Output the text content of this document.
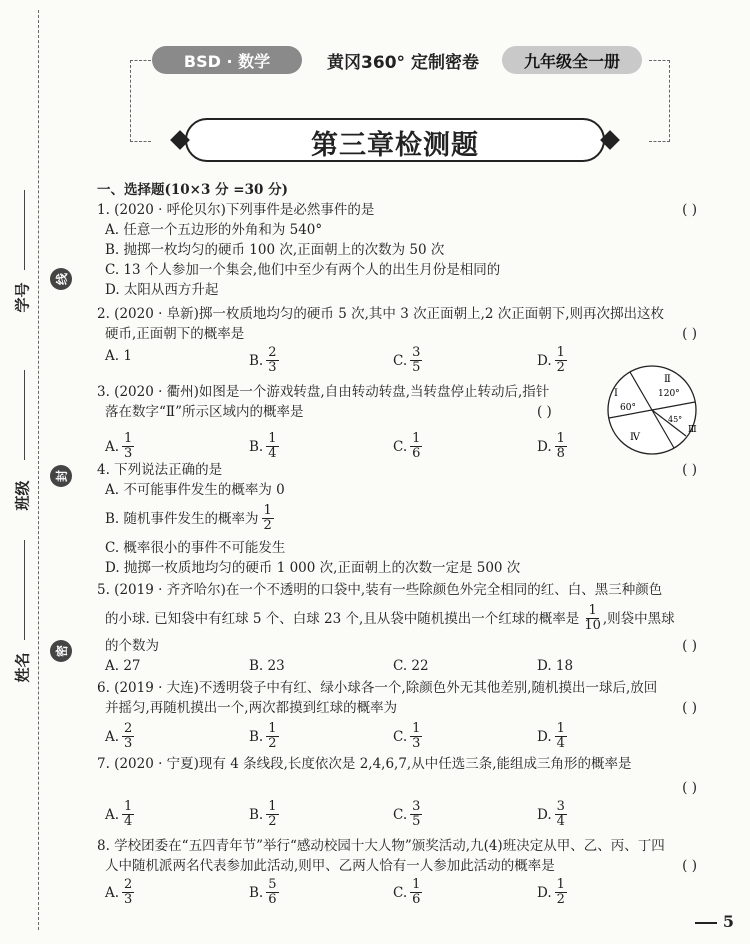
学号
线
班级
封
姓名
密
BSD · 数学	黄冈360° 定制密卷	九年级全一册
第三章检测题
一、选择题(10×3 分 =30 分)
1. (2020 · 呼伦贝尔)下列事件是必然事件的是	( )
A. 任意一个五边形的外角和为 540°
B. 抛掷一枚均匀的硬币 100 次,正面朝上的次数为 50 次
C. 13 个人参加一个集会,他们中至少有两个人的出生月份是相同的
D. 太阳从西方升起
2. (2020 · 阜新)掷一枚质地均匀的硬币 5 次,其中 3 次正面朝上,2 次正面朝下,则再次掷出这枚
硬币,正面朝下的概率是	( )
A. 1	B. $\frac{2}{3}$	C. $\frac{3}{5}$	D. $\frac{1}{2}$
3. (2020 · 衢州)如图是一个游戏转盘,自由转动转盘,当转盘停止转动后,指针
落在数字“Ⅱ”所示区域内的概率是	( )
A. $\frac{1}{3}$	B. $\frac{1}{4}$	C. $\frac{1}{6}$	D. $\frac{1}{8}$
Ⅰ
Ⅱ
Ⅲ
Ⅳ
60°
120°
45°
4. 下列说法正确的是	( )
A. 不可能事件发生的概率为 0
B. 随机事件发生的概率为 $\frac{1}{2}$
C. 概率很小的事件不可能发生
D. 抛掷一枚质地均匀的硬币 1 000 次,正面朝上的次数一定是 500 次
5. (2019 · 齐齐哈尔)在一个不透明的口袋中,装有一些除颜色外完全相同的红、白、黑三种颜色
的小球. 已知袋中有红球 5 个、白球 23 个,且从袋中随机摸出一个红球的概率是 $\frac{1}{10}$ ,则袋中黑球
的个数为	( )
A. 27	B. 23	C. 22	D. 18
6. (2019 · 大连)不透明袋子中有红、绿小球各一个,除颜色外无其他差别,随机摸出一球后,放回
并摇匀,再随机摸出一个,两次都摸到红球的概率为	( )
A. $\frac{2}{3}$	B. $\frac{1}{2}$	C. $\frac{1}{3}$	D. $\frac{1}{4}$
7. (2020 · 宁夏)现有 4 条线段,长度依次是 2,4,6,7,从中任选三条,能组成三角形的概率是
( )
A. $\frac{1}{4}$	B. $\frac{1}{2}$	C. $\frac{3}{5}$	D. $\frac{3}{4}$
8. 学校团委在“五四青年节”举行“感动校园十大人物”颁奖活动,九(4)班决定从甲、乙、丙、丁四
人中随机派两名代表参加此活动,则甲、乙两人恰有一人参加此活动的概率是	( )
A. $\frac{2}{3}$	B. $\frac{5}{6}$	C. $\frac{1}{6}$	D. $\frac{1}{2}$
5
